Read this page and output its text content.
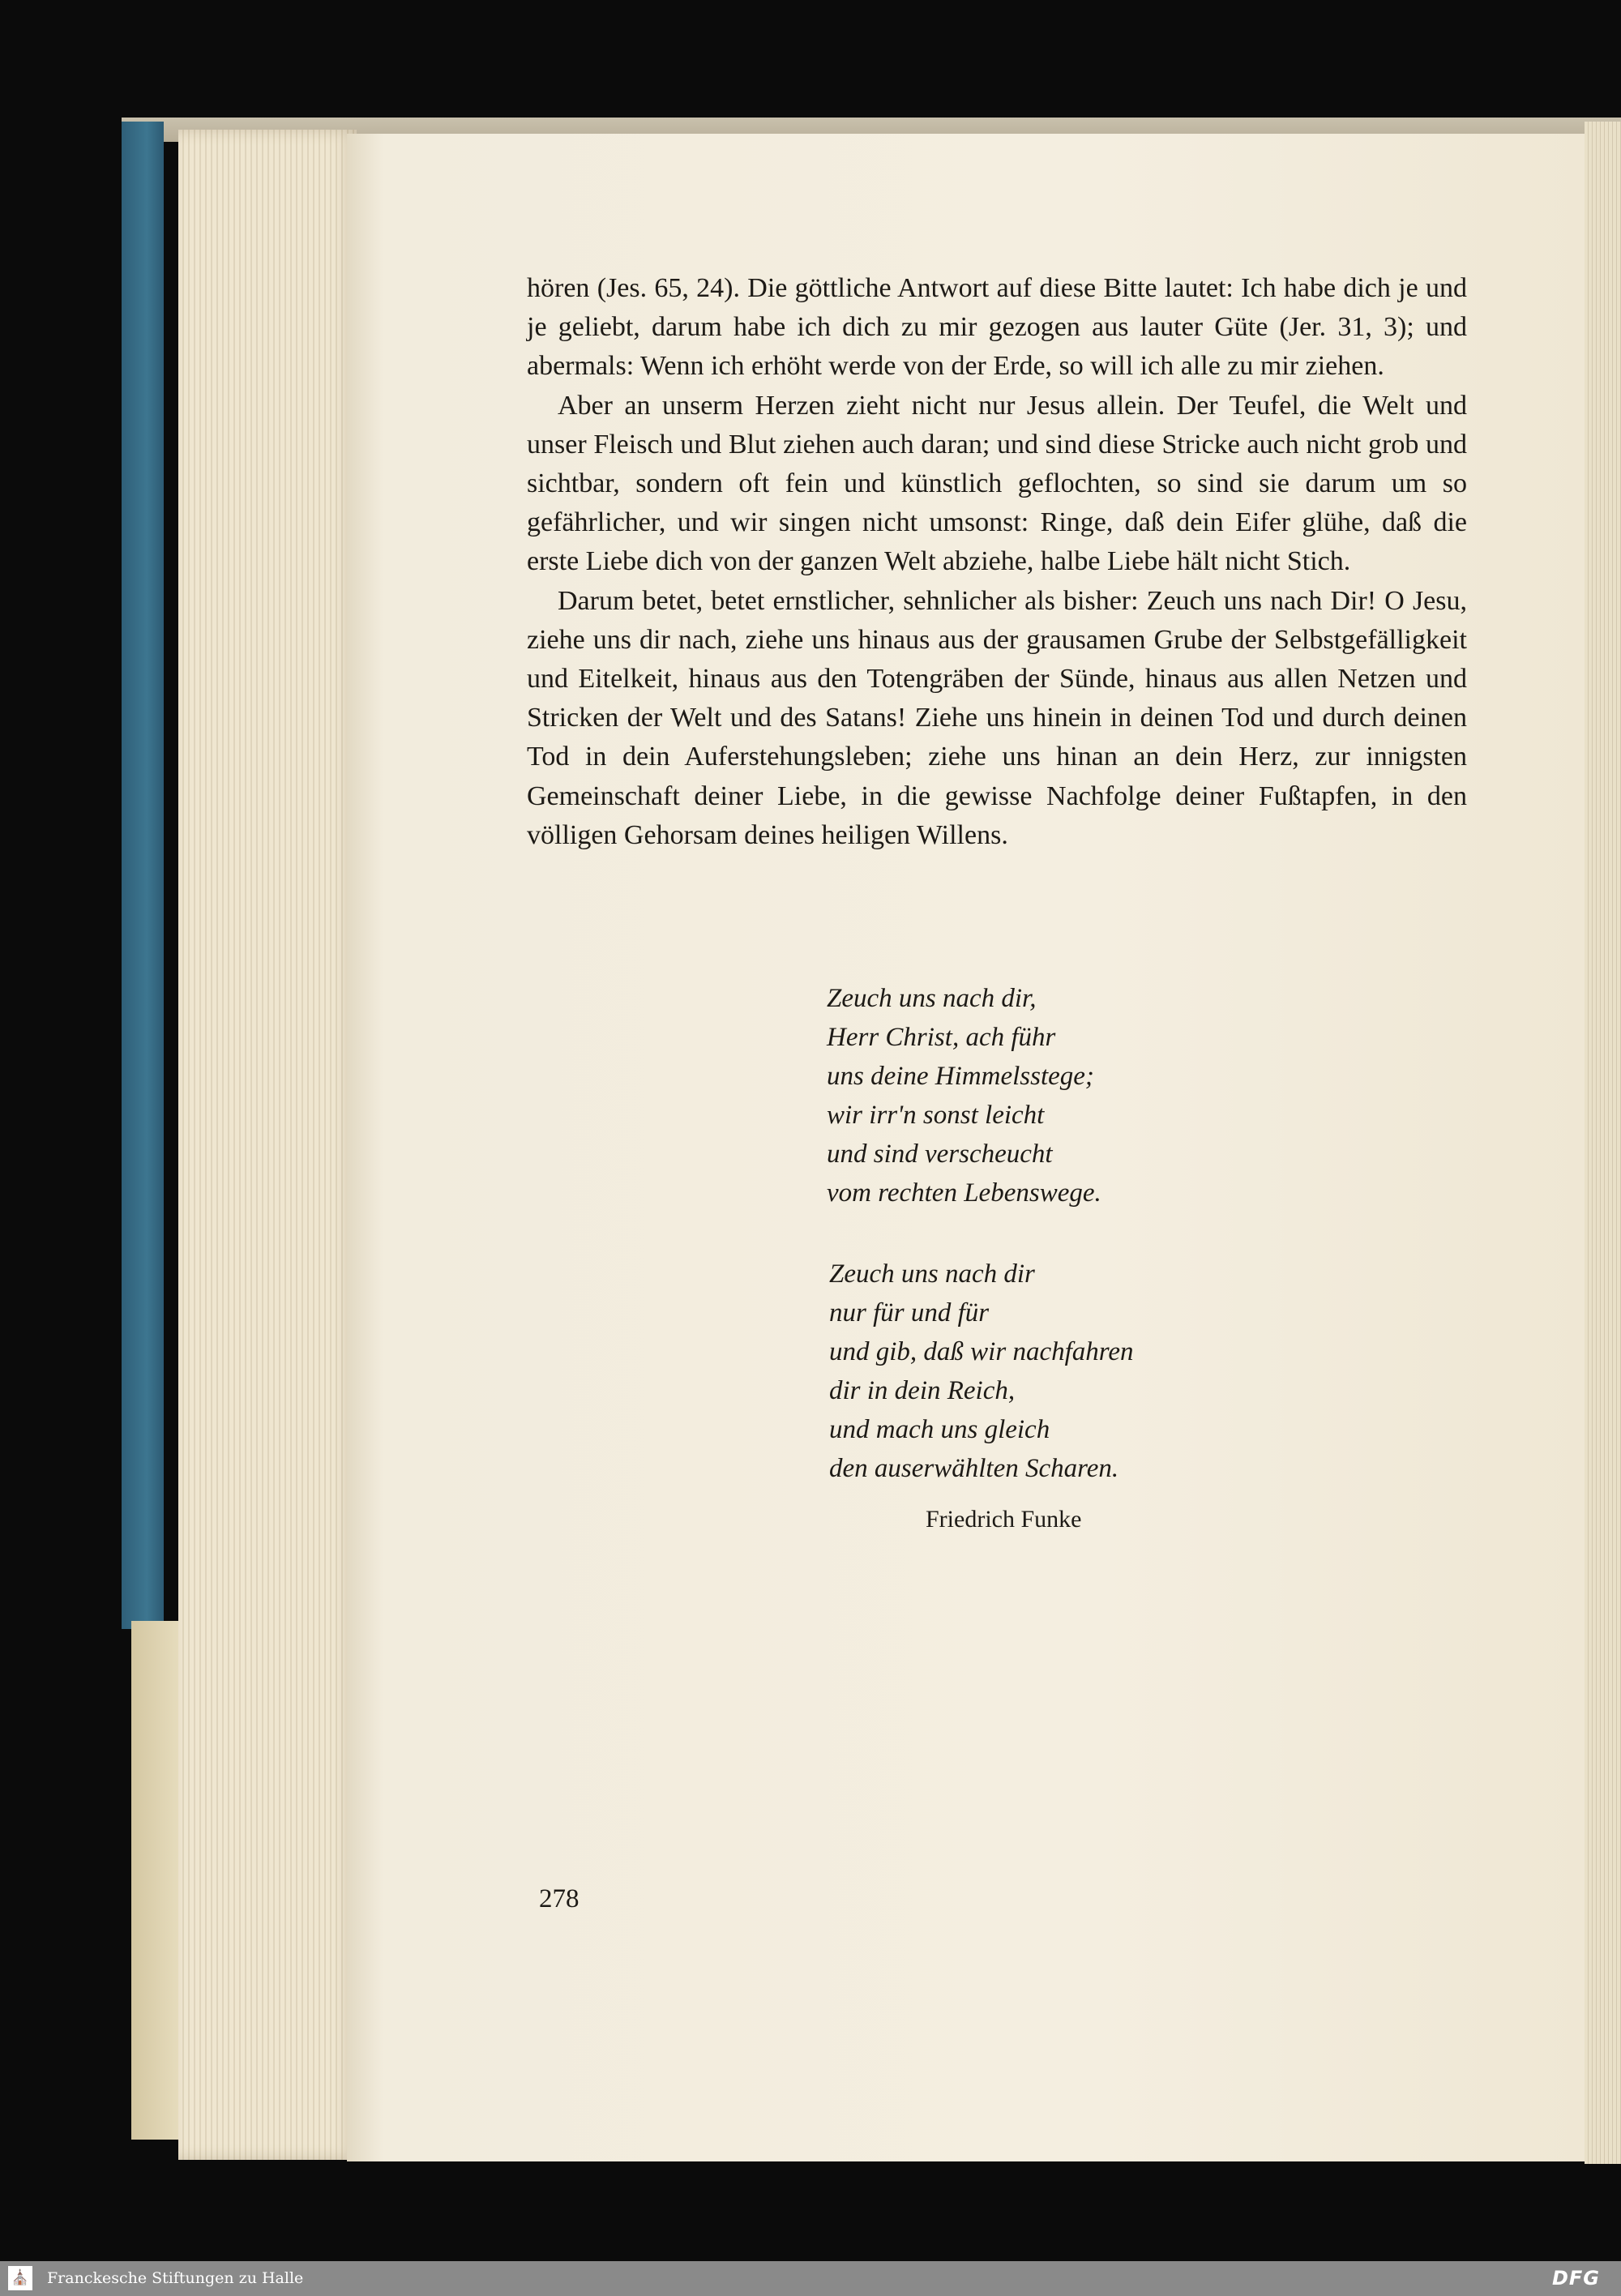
hören (Jes. 65, 24). Die göttliche Antwort auf diese Bitte lautet: Ich habe dich je und je geliebt, darum habe ich dich zu mir gezogen aus lauter Güte (Jer. 31, 3); und abermals: Wenn ich erhöht werde von der Erde, so will ich alle zu mir ziehen.

Aber an unserm Herzen zieht nicht nur Jesus allein. Der Teufel, die Welt und unser Fleisch und Blut ziehen auch daran; und sind diese Stricke auch nicht grob und sichtbar, sondern oft fein und künstlich geflochten, so sind sie darum um so gefährlicher, und wir singen nicht umsonst: Ringe, daß dein Eifer glühe, daß die erste Liebe dich von der ganzen Welt abziehe, halbe Liebe hält nicht Stich.

Darum betet, betet ernstlicher, sehnlicher als bisher: Zeuch uns nach Dir! O Jesu, ziehe uns dir nach, ziehe uns hinaus aus der grausamen Grube der Selbstgefälligkeit und Eitelkeit, hinaus aus den Totengräben der Sünde, hinaus aus allen Netzen und Stricken der Welt und des Satans! Ziehe uns hinein in deinen Tod und durch deinen Tod in dein Auferstehungsleben; ziehe uns hinan an dein Herz, zur innigsten Gemeinschaft deiner Liebe, in die gewisse Nachfolge deiner Fußtapfen, in den völligen Gehorsam deines heiligen Willens.

Zeuch uns nach dir,
Herr Christ, ach führ
uns deine Himmelsstege;
wir irr'n sonst leicht
und sind verscheucht
vom rechten Lebenswege.
Zeuch uns nach dir
nur für und für
und gib, daß wir nachfahren
dir in dein Reich,
und mach uns gleich
den auserwählten Scharen.
Friedrich Funke
278
⛪ Franckesche Stiftungen zu Halle	DFG
